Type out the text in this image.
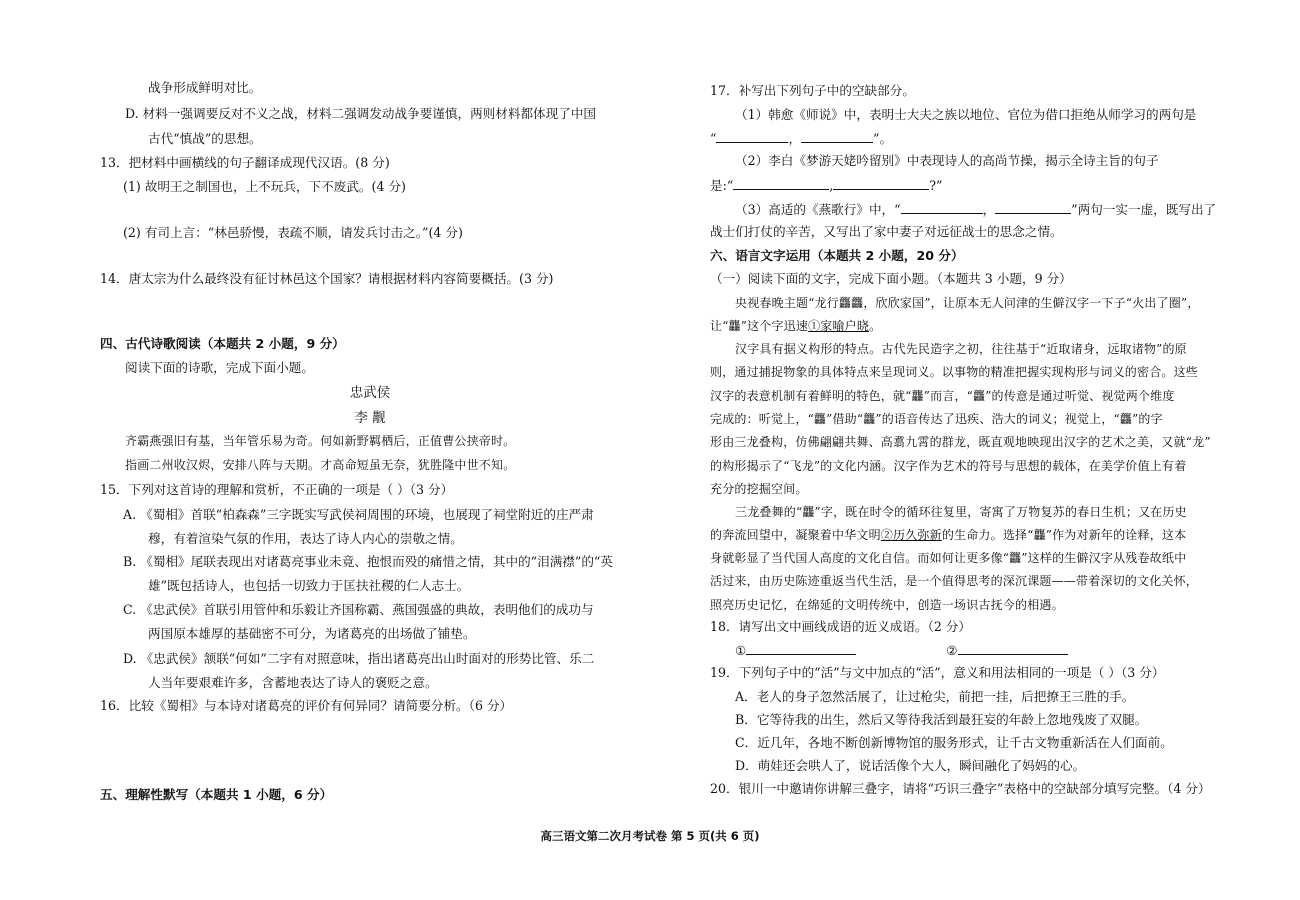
战争形成鲜明对比。
D. 材料一强调要反对不义之战，材料二强调发动战争要谨慎，两则材料都体现了中国
古代“慎战”的思想。
13．把材料中画横线的句子翻译成现代汉语。(8 分)
(1) 故明王之制国也，上不玩兵，下不废武。(4 分)
(2) 有司上言：“林邑骄慢，表疏不顺，请发兵讨击之。”(4 分)
14．唐太宗为什么最终没有征讨林邑这个国家？请根据材料内容简要概括。(3 分)
四、古代诗歌阅读（本题共 2 小题，9 分）
阅读下面的诗歌，完成下面小题。
忠武侯
李 觏
齐霸燕强旧有基，当年管乐易为奇。何如新野羁栖后，正值曹公挟帝时。
指画二州收汉烬，安排八阵与天期。才高命短虽无奈，犹胜隆中世不知。
15．下列对这首诗的理解和赏析，不正确的一项是（ ）（3 分）
A. 《蜀相》首联“柏森森”三字既实写武侯祠周围的环境，也展现了祠堂附近的庄严肃
穆，有着渲染气氛的作用，表达了诗人内心的崇敬之情。
B. 《蜀相》尾联表现出对诸葛亮事业未竟、抱恨而殁的痛惜之情，其中的“泪满襟”的“英
雄”既包括诗人，也包括一切致力于匡扶社稷的仁人志士。
C. 《忠武侯》首联引用管仲和乐毅让齐国称霸、燕国强盛的典故，表明他们的成功与
两国原本雄厚的基础密不可分，为诸葛亮的出场做了铺垫。
D. 《忠武侯》颔联“何如”二字有对照意味，指出诸葛亮出山时面对的形势比管、乐二
人当年要艰难许多，含蓄地表达了诗人的褒贬之意。
16．比较《蜀相》与本诗对诸葛亮的评价有何异同？请简要分析。（6 分）
五、理解性默写（本题共 1 小题，6 分）
17．补写出下列句子中的空缺部分。
（1）韩愈《师说》中，表明士大夫之族以地位、官位为借口拒绝从师学习的两句是
“	，	”。
（2）李白《梦游天姥吟留别》中表现诗人的高尚节操，揭示全诗主旨的句子
是:“	,	?”
（3）高适的《燕歌行》中，“	，	”两句一实一虚，既写出了
战士们打仗的辛苦，又写出了家中妻子对远征战士的思念之情。
六、语言文字运用（本题共 2 小题，20 分）
（一）阅读下面的文字，完成下面小题。（本题共 3 小题，9 分）
央视春晚主题“龙行龘龘，欣欣家国”，让原本无人问津的生僻汉字一下子“火出了圈”，
让“龘”这个字迅速①家喻户晓。
汉字具有据义构形的特点。古代先民造字之初，往往基于“近取诸身，远取诸物”的原
则，通过捕捉物象的具体特点来呈现词义。以事物的精准把握实现构形与词义的密合。这些
汉字的表意机制有着鲜明的特色，就“龘”而言，“龘”的传意是通过听觉、视觉两个维度
完成的：听觉上，“龘”借助“龘”的语音传达了迅疾、浩大的词义；视觉上，“龘”的字
形由三龙叠构，仿佛翩翩共舞、高翥九霄的群龙，既直观地映现出汉字的艺术之美，又就“龙”
的构形揭示了“飞龙”的文化内涵。汉字作为艺术的符号与思想的载体，在美学价值上有着
充分的挖掘空间。
三龙叠舞的“龘”字，既在时令的循环往复里，寄寓了万物复苏的春日生机；又在历史
的奔流回望中，凝聚着中华文明②历久弥新的生命力。选择“龘”作为对新年的诠释，这本
身就彰显了当代国人高度的文化自信。而如何让更多像“龘”这样的生僻汉字从残卷故纸中
活过来，由历史陈迹重返当代生活，是一个值得思考的深沉课题——带着深切的文化关怀，
照亮历史记忆，在绵延的文明传统中，创造一场识古抚今的相遇。
18．请写出文中画线成语的近义成语。（2 分）
①	②
19．下列句子中的“活”与文中加点的“活”，意义和用法相同的一项是（ ）（3 分）
A．老人的身子忽然活展了，让过枪尖，前把一挂，后把撩王三胜的手。
B．它等待我的出生，然后又等待我活到最狂妄的年龄上忽地残废了双腿。
C．近几年，各地不断创新博物馆的服务形式，让千古文物重新活在人们面前。
D．萌娃还会哄人了，说话活像个大人，瞬间融化了妈妈的心。
20．银川一中邀请你讲解三叠字，请将“巧识三叠字”表格中的空缺部分填写完整。（4 分）
高三语文第二次月考试卷 第 5 页(共 6 页)
